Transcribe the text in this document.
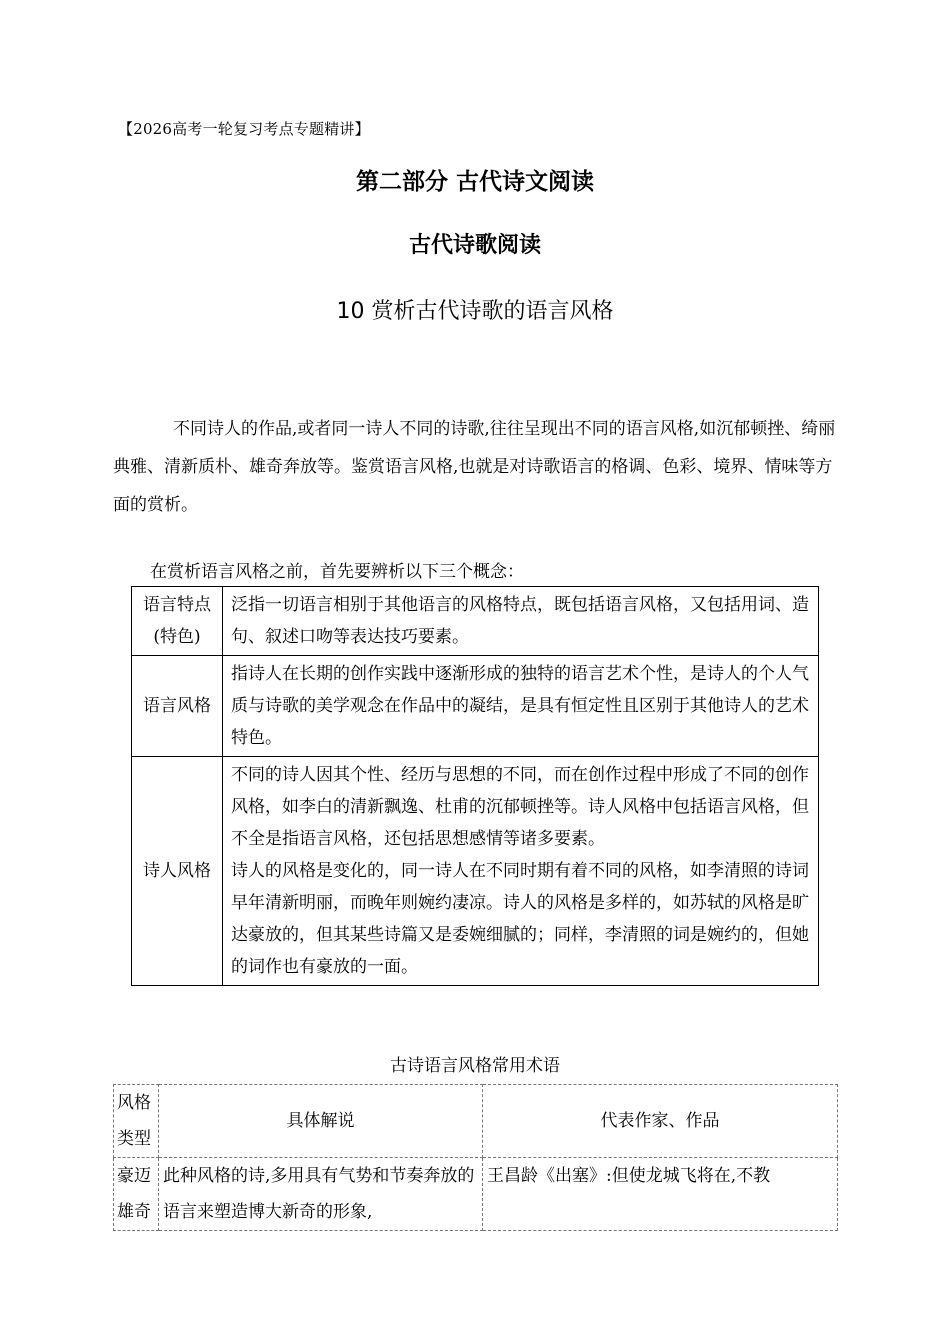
【2026高考一轮复习考点专题精讲】
第二部分 古代诗文阅读
古代诗歌阅读
10 赏析古代诗歌的语言风格

不同诗人的作品,或者同一诗人不同的诗歌,往往呈现出不同的语言风格,如沉郁顿挫、绮丽典雅、清新质朴、雄奇奔放等。鉴赏语言风格,也就是对诗歌语言的格调、色彩、境界、情味等方面的赏析。

在赏析语言风格之前，首先要辨析以下三个概念：
语言特点
(特色)	泛指一切语言相别于其他语言的风格特点，既包括语言风格，又包括用词、造句、叙述口吻等表达技巧要素。
语言风格	指诗人在长期的创作实践中逐渐形成的独特的语言艺术个性，是诗人的个人气质与诗歌的美学观念在作品中的凝结，是具有恒定性且区别于其他诗人的艺术特色。
诗人风格	不同的诗人因其个性、经历与思想的不同，而在创作过程中形成了不同的创作风格，如李白的清新飘逸、杜甫的沉郁顿挫等。诗人风格中包括语言风格，但不全是指语言风格，还包括思想感情等诸多要素。
诗人的风格是变化的，同一诗人在不同时期有着不同的风格，如李清照的诗词早年清新明丽，而晚年则婉约凄凉。诗人的风格是多样的，如苏轼的风格是旷达豪放的，但其某些诗篇又是委婉细腻的；同样，李清照的词是婉约的，但她的词作也有豪放的一面。
古诗语言风格常用术语
风格类型	具体解说	代表作家、作品
豪迈雄奇	此种风格的诗,多用具有气势和节奏奔放的语言来塑造博大新奇的形象,	王昌龄《出塞》:但使龙城飞将在,不教
